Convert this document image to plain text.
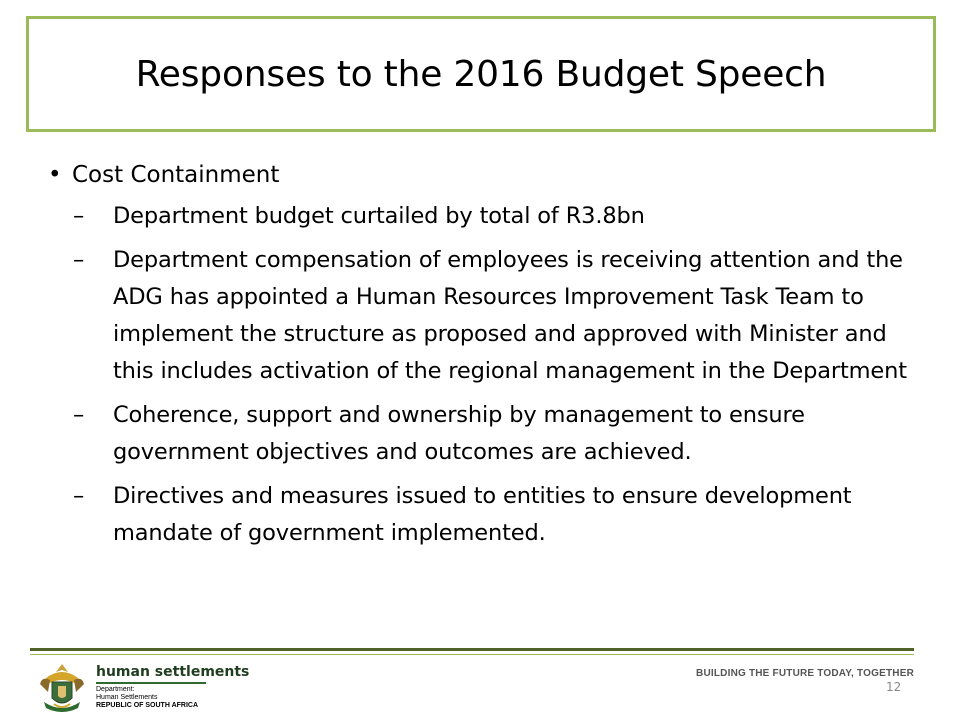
Responses to the 2016 Budget Speech
• Cost Containment
– Department budget curtailed by total of R3.8bn
– Department compensation of employees is receiving attention and the ADG has appointed a Human Resources Improvement Task Team to implement the structure as proposed and approved with Minister and this includes activation of the regional management in the Department
– Coherence, support and ownership by management to ensure government objectives and outcomes are achieved.
– Directives and measures issued to entities to ensure development mandate of government implemented.
human settlements
Department:
Human Settlements
REPUBLIC OF SOUTH AFRICA
BUILDING THE FUTURE TODAY, TOGETHER
12
